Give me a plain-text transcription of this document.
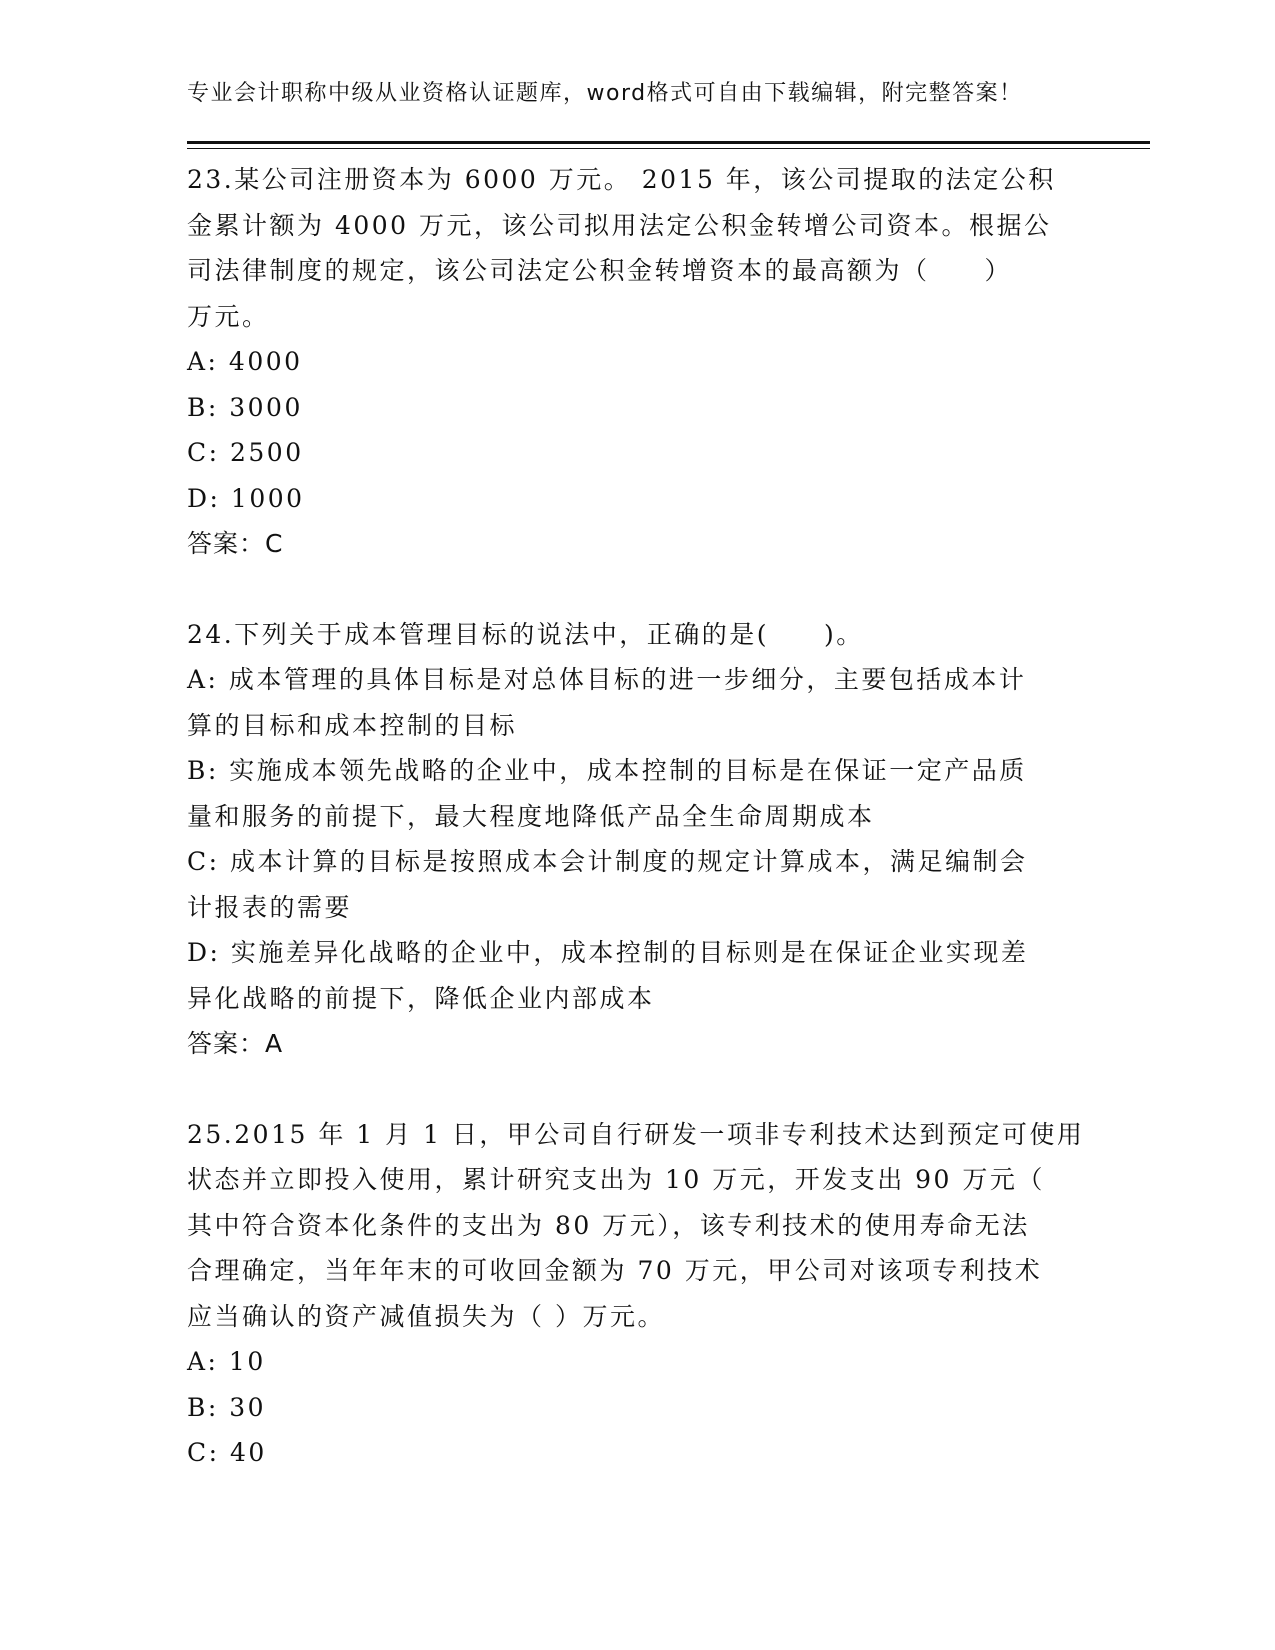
专业会计职称中级从业资格认证题库，word格式可自由下载编辑，附完整答案！
23.某公司注册资本为 6000 万元。 2015 年，该公司提取的法定公积
金累计额为 4000 万元，该公司拟用法定公积金转增公司资本。根据公
司法律制度的规定，该公司法定公积金转增资本的最高额为（　　）
万元。
A: 4000
B: 3000
C: 2500
D: 1000
答案：C
24.下列关于成本管理目标的说法中，正确的是(　　)。
A: 成本管理的具体目标是对总体目标的进一步细分，主要包括成本计
算的目标和成本控制的目标
B: 实施成本领先战略的企业中，成本控制的目标是在保证一定产品质
量和服务的前提下，最大程度地降低产品全生命周期成本
C: 成本计算的目标是按照成本会计制度的规定计算成本，满足编制会
计报表的需要
D: 实施差异化战略的企业中，成本控制的目标则是在保证企业实现差
异化战略的前提下，降低企业内部成本
答案：A
25.2015 年 1 月 1 日，甲公司自行研发一项非专利技术达到预定可使用
状态并立即投入使用，累计研究支出为 10 万元，开发支出 90 万元（
其中符合资本化条件的支出为 80 万元），该专利技术的使用寿命无法
合理确定，当年年末的可收回金额为 70 万元，甲公司对该项专利技术
应当确认的资产减值损失为（ ）万元。
A: 10
B: 30
C: 40
